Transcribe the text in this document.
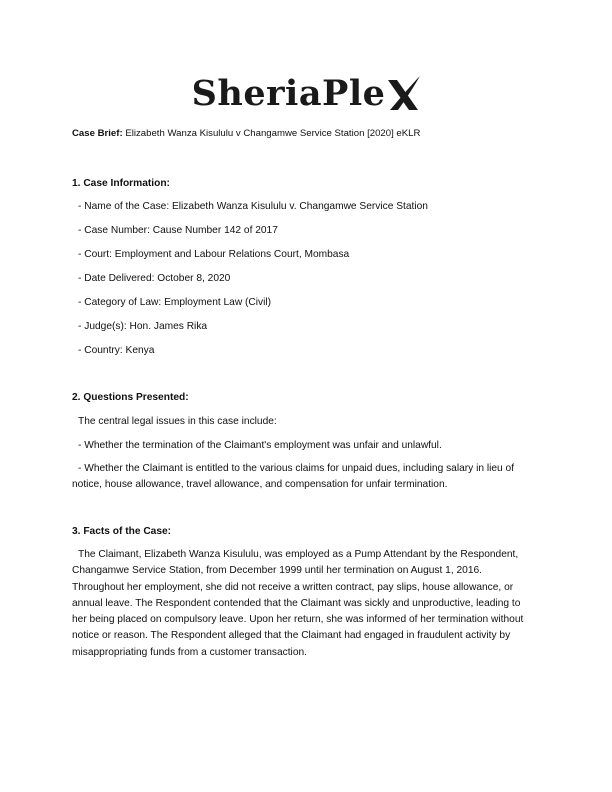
SheriaPle
Case Brief: Elizabeth Wanza Kisululu v Changamwe Service Station [2020] eKLR
1. Case Information:
- Name of the Case: Elizabeth Wanza Kisululu v. Changamwe Service Station
- Case Number: Cause Number 142 of 2017
- Court: Employment and Labour Relations Court, Mombasa
- Date Delivered: October 8, 2020
- Category of Law: Employment Law (Civil)
- Judge(s): Hon. James Rika
- Country: Kenya
2. Questions Presented:
The central legal issues in this case include:
- Whether the termination of the Claimant's employment was unfair and unlawful.
- Whether the Claimant is entitled to the various claims for unpaid dues, including salary in lieu of notice, house allowance, travel allowance, and compensation for unfair termination.
3. Facts of the Case:
The Claimant, Elizabeth Wanza Kisululu, was employed as a Pump Attendant by the Respondent, Changamwe Service Station, from December 1999 until her termination on August 1, 2016. Throughout her employment, she did not receive a written contract, pay slips, house allowance, or annual leave. The Respondent contended that the Claimant was sickly and unproductive, leading to her being placed on compulsory leave. Upon her return, she was informed of her termination without notice or reason. The Respondent alleged that the Claimant had engaged in fraudulent activity by misappropriating funds from a customer transaction.
